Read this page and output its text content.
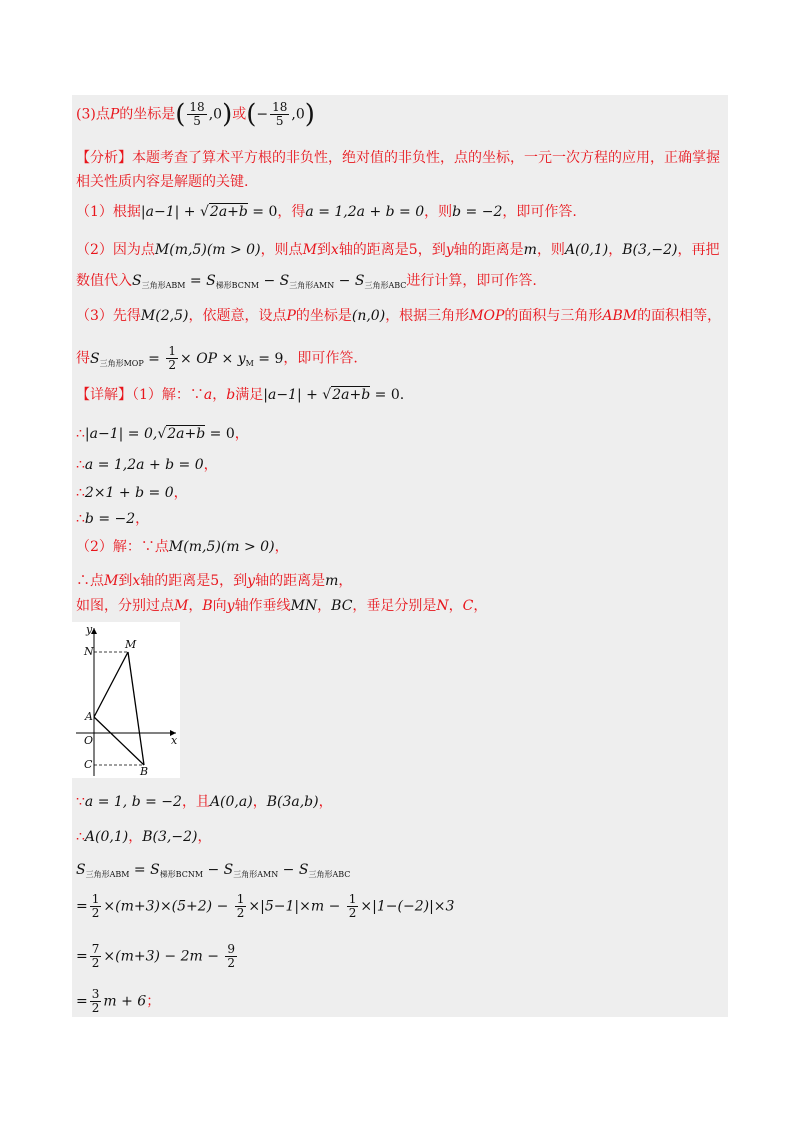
(3)点P的坐标是( $\frac{18}{5} ,0$)或(− $\frac{18}{5} ,0$)
【分析】本题考查了算术平方根的非负性，绝对值的非负性，点的坐标，一元一次方程的应用，正确掌握
相关性质内容是解题的关键.
（1）根据|a−1| + √2a+b = 0，得a = 1,2a + b = 0，则b = −2，即可作答.
（2）因为点M(m,5)(m > 0)，则点M到x轴的距离是5，到y轴的距离是m，则A(0,1)，B(3,−2)，再把
数值代入$S_{三角形ABM} = S_{梯形BCNM} - S_{三角形AMN} - S_{三角形ABC}$进行计算，即可作答.
（3）先得M(2,5)，依题意，设点P的坐标是(n,0)，根据三角形MOP的面积与三角形ABM的面积相等，
得$S_{三角形MOP} = \frac{1}{2}$ × OP × $y_M = 9$，即可作答.
【详解】（1）解：∵a，b满足|a−1| + √2a+b = 0.
∴|a−1| = 0,√2a+b = 0，
∴a = 1,2a + b = 0，
∴2×1 + b = 0，
∴b = −2，
（2）解：∵点M(m,5)(m > 0)，
∴点M到x轴的距离是5，到y轴的距离是m，
如图，分别过点M，B向y轴作垂线MN，BC，垂足分别是N，C，
y
N
M
A
O	x
C
B
∵a = 1, b = −2，且A(0,a)，B(3a,b)，
∴A(0,1)，B(3,−2)，
$S_{三角形ABM} = S_{梯形BCNM} - S_{三角形AMN} - S_{三角形ABC}$
= $\frac{1}{2} \times(m+3)\times(5+2) - \frac{1}{2} \times|5-1|\times m - \frac{1}{2} \times|1-(-2)|\times 3$
= $\frac{7}{2} \times(m+3) - 2m - \frac{9}{2}$
= $\frac{3}{2}$ m + 6；
